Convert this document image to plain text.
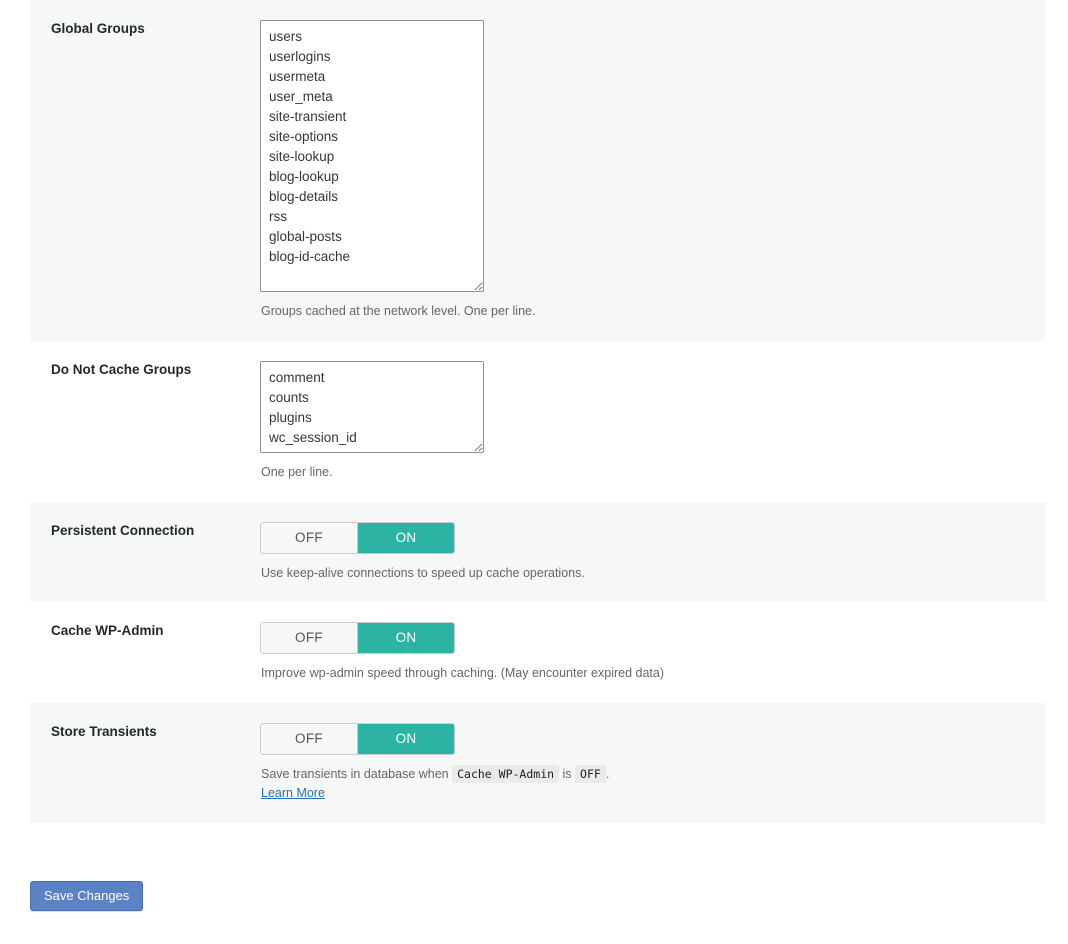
Global Groups
users userlogins usermeta user_meta site-transient site-options site-lookup blog-lookup blog-details rss global-posts blog-id-cache
Groups cached at the network level. One per line.
Do Not Cache Groups
comment counts plugins wc_session_id
One per line.
Persistent Connection	OFF	ON
Use keep-alive connections to speed up cache operations.
Cache WP-Admin	OFF	ON
Improve wp-admin speed through caching. (May encounter expired data)
Store Transients	OFF	ON
Save transients in database when Cache WP-Admin is OFF .
Learn More
Save Changes
